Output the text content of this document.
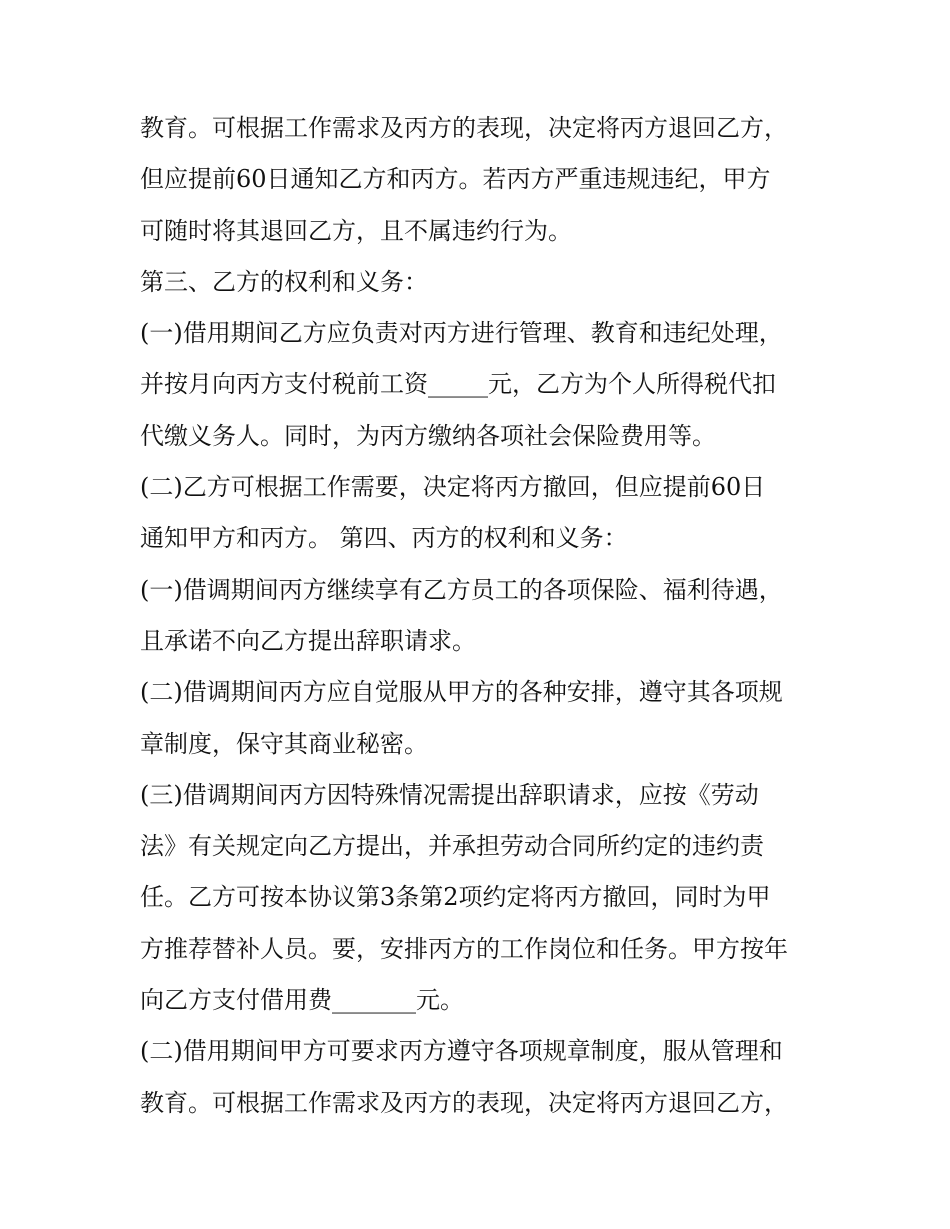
教育。可根据工作需求及丙方的表现，决定将丙方退回乙方，
但应提前60日通知乙方和丙方。若丙方严重违规违纪，甲方
可随时将其退回乙方，且不属违约行为。
第三、乙方的权利和义务：
(一)借用期间乙方应负责对丙方进行管理、教育和违纪处理，
并按月向丙方支付税前工资_____元，乙方为个人所得税代扣
代缴义务人。同时，为丙方缴纳各项社会保险费用等。
(二)乙方可根据工作需要，决定将丙方撤回，但应提前60日
通知甲方和丙方。 第四、丙方的权利和义务：
(一)借调期间丙方继续享有乙方员工的各项保险、福利待遇，
且承诺不向乙方提出辞职请求。
(二)借调期间丙方应自觉服从甲方的各种安排，遵守其各项规
章制度，保守其商业秘密。
(三)借调期间丙方因特殊情况需提出辞职请求，应按《劳动
法》有关规定向乙方提出，并承担劳动合同所约定的违约责
任。乙方可按本协议第3条第2项约定将丙方撤回，同时为甲
方推荐替补人员。要，安排丙方的工作岗位和任务。甲方按年
向乙方支付借用费_______元。
(二)借用期间甲方可要求丙方遵守各项规章制度，服从管理和
教育。可根据工作需求及丙方的表现，决定将丙方退回乙方，
